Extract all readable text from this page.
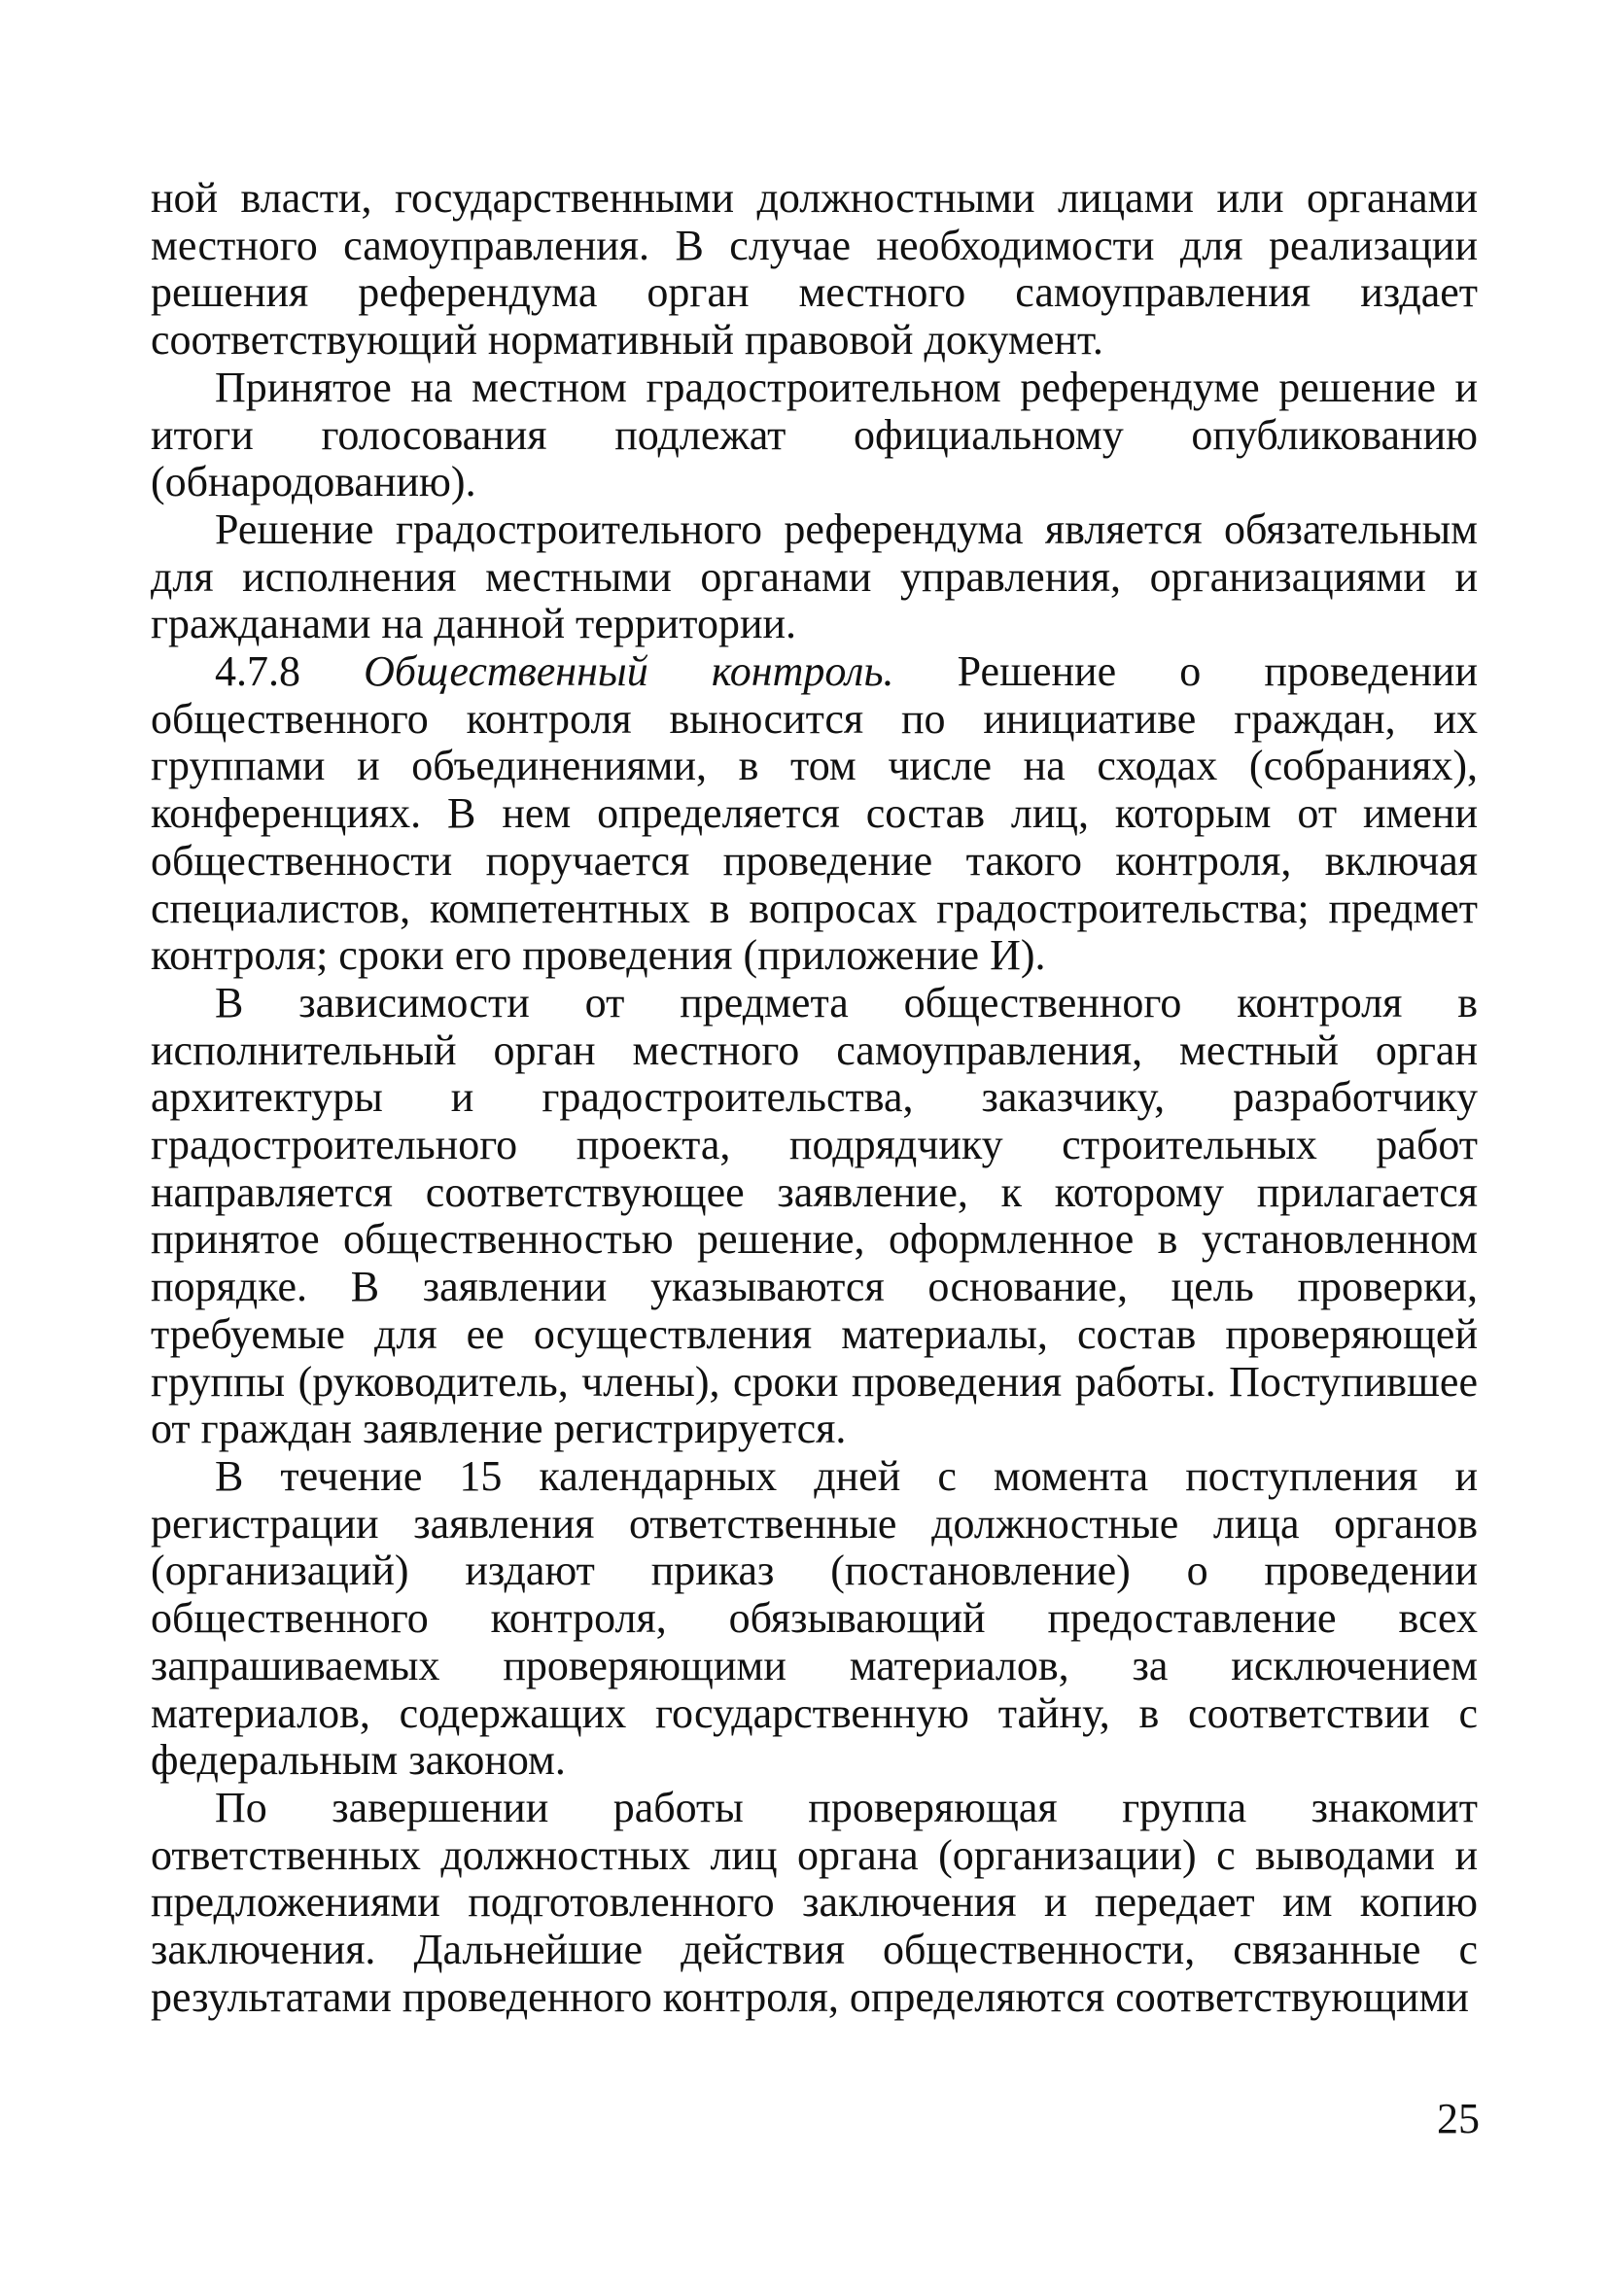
ной власти, государственными должностными лицами или органами местного самоуправления. В случае необходимости для реализации решения референдума орган местного самоуправления издает соответствующий нормативный правовой документ.

Принятое на местном градостроительном референдуме решение и итоги голосования подлежат официальному опубликованию (обнародованию).

Решение градостроительного референдума является обязательным для исполнения местными органами управления, организациями и гражданами на данной территории.

4.7.8 Общественный контроль. Решение о проведении общественного контроля выносится по инициативе граждан, их группами и объединениями, в том числе на сходах (собраниях), конференциях. В нем определяется состав лиц, которым от имени общественности поручается проведение такого контроля, включая специалистов, компетентных в вопросах градостроительства; предмет контроля; сроки его проведения (приложение И).

В зависимости от предмета общественного контроля в исполнительный орган местного самоуправления, местный орган архитектуры и градостроительства, заказчику, разработчику градостроительного проекта, подрядчику строительных работ направляется соответствующее заявление, к которому прилагается принятое общественностью решение, оформленное в установленном порядке. В заявлении указываются основание, цель проверки, требуемые для ее осуществления материалы, состав проверяющей группы (руководитель, члены), сроки проведения работы. Поступившее от граждан заявление регистрируется.

В течение 15 календарных дней с момента поступления и регистрации заявления ответственные должностные лица органов (организаций) издают приказ (постановление) о проведении общественного контроля, обязывающий предоставление всех запрашиваемых проверяющими материалов, за исключением материалов, содержащих государственную тайну, в соответствии с федеральным законом.

По завершении работы проверяющая группа знакомит ответственных должностных лиц органа (организации) с выводами и предложениями подготовленного заключения и передает им копию заключения. Дальнейшие действия общественности, связанные с результатами проведенного контроля, определяются соответствующими

25
